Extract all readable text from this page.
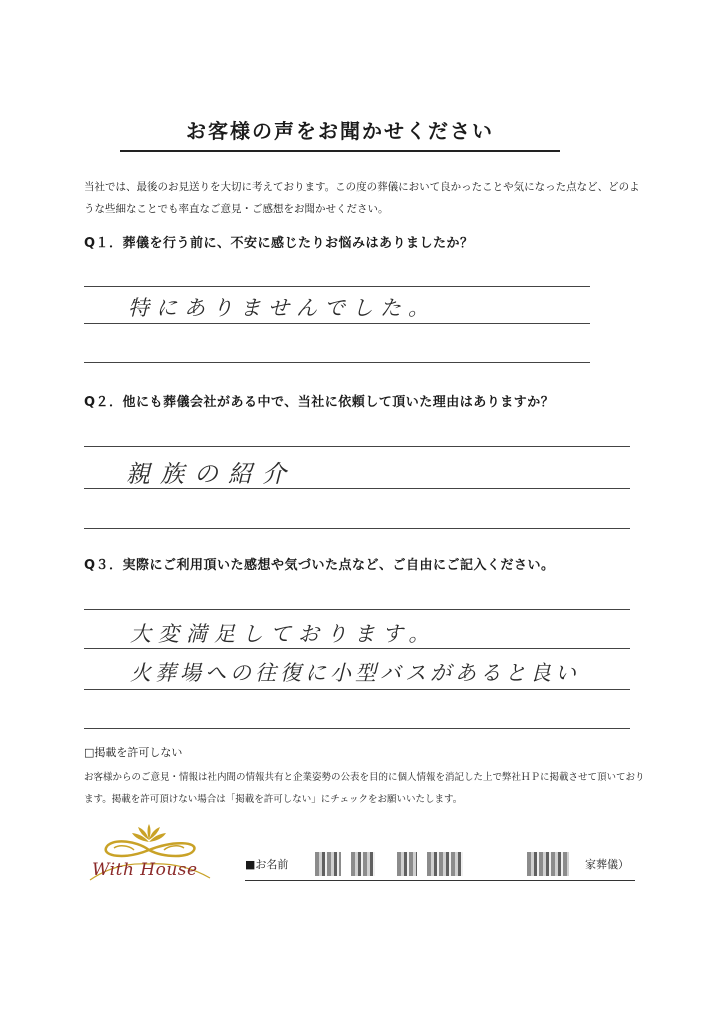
お客様の声をお聞かせください
当社では、最後のお見送りを大切に考えております。この度の葬儀において良かったことや気になった点など、どのような些細なことでも率直なご意見・ご感想をお聞かせください。
Q１．葬儀を行う前に、不安に感じたりお悩みはありましたか？
特にありませんでした。
Q２．他にも葬儀会社がある中で、当社に依頼して頂いた理由はありますか？
親族の紹介
Q３．実際にご利用頂いた感想や気づいた点など、ご自由にご記入ください。
大変満足しております。
火葬場への往復に小型バスがあると良い
□掲載を許可しない
お客様からのご意見・情報は社内間の情報共有と企業姿勢の公表を目的に個人情報を消記した上で弊社ＨＰに掲載させて頂いております。掲載を許可頂けない場合は「掲載を許可しない」にチェックをお願いいたします。
With House	■お名前	家葬儀）
